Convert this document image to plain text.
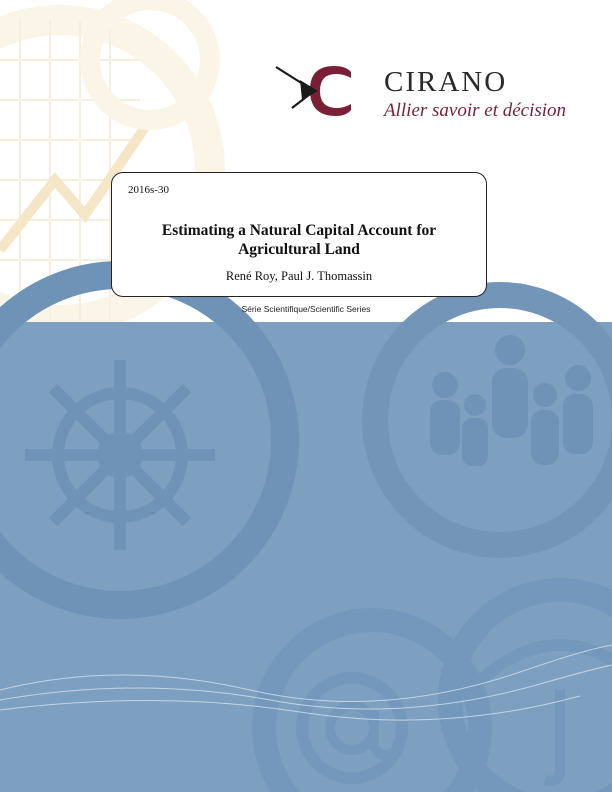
CIRANO
Allier savoir et décision
2016s-30
Estimating a Natural Capital Account for
Agricultural Land
René Roy, Paul J. Thomassin
Série Scientifique/Scientific Series
